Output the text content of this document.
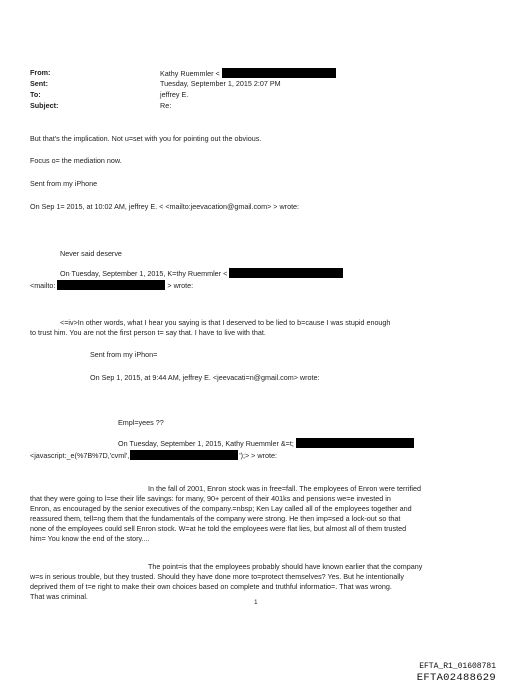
From:
Sent:
To:
Subject:
Kathy Ruemmler <
Tuesday, September 1, 2015 2:07 PM
jeffrey E.
Re:
But that's the implication. Not u=set with you for pointing out the obvious.
Focus o= the mediation now.
Sent from my iPhone
On Sep 1= 2015, at 10:02 AM, jeffrey E. < <mailto:jeevacation@gmail.com> > wrote:
Never said deserve
On Tuesday, September 1, 2015, K=thy Ruemmler <
<mailto:	> wrote:
<=iv>In other words, what I hear you saying is that I deserved to be lied to b=cause I was stupid enough
to trust him. You are not the first person t= say that. I have to live with that.
Sent from my iPhon=
On Sep 1, 2015, at 9:44 AM, jeffrey E. <jeevacati=n@gmail.com> wrote:
Empl=yees ??
On Tuesday, September 1, 2015, Kathy Ruemmler &=t;
<javascript:_e(%7B%7D,'cvml',	');> > wrote:
In the fall of 2001, Enron stock was in free=fall. The employees of Enron were terrified
that they were going to l=se their life savings: for many, 90+ percent of their 401ks and pensions we=e invested in
Enron, as encouraged by the senior executives of the company.=nbsp; Ken Lay called all of the employees together and
reassured them, tell=ng them that the fundamentals of the company were strong. He then imp=sed a lock-out so that
none of the employees could sell Enron stock. W=at he told the employees were flat lies, but almost all of them trusted
him= You know the end of the story....
The point=is that the employees probably should have known earlier that the company
w=s in serious trouble, but they trusted. Should they have done more to=protect themselves? Yes. But he intentionally
deprived them of t=e right to make their own choices based on complete and truthful informatio=. That was wrong.
That was criminal.
1
EFTA_R1_01608781
EFTA02488629
